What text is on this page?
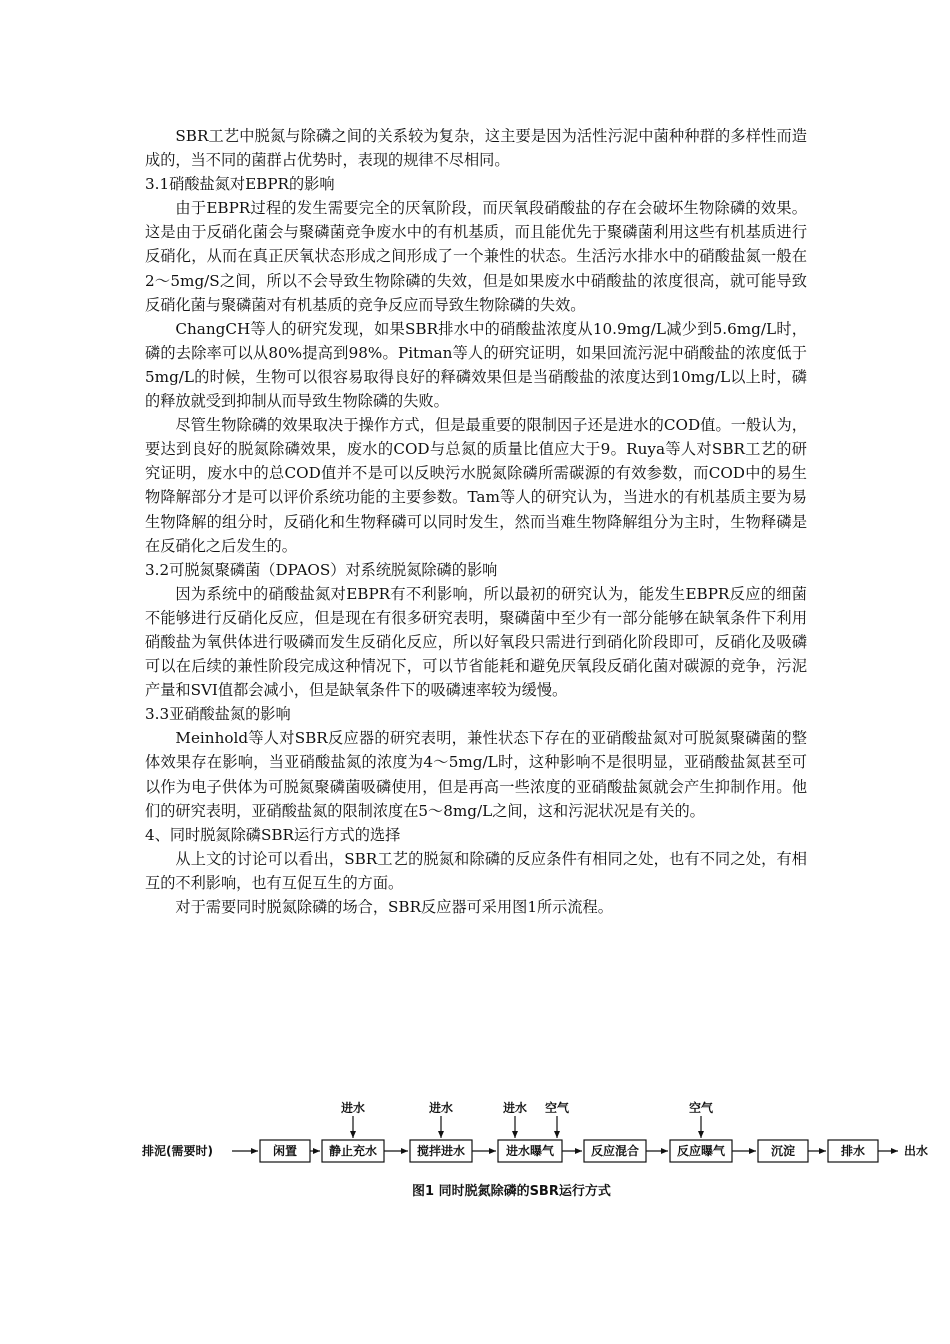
SBR工艺中脱氮与除磷之间的关系较为复杂，这主要是因为活性污泥中菌种种群的多样性而造成的，当不同的菌群占优势时，表现的规律不尽相同。

3.1硝酸盐氮对EBPR的影响

由于EBPR过程的发生需要完全的厌氧阶段，而厌氧段硝酸盐的存在会破坏生物除磷的效果。这是由于反硝化菌会与聚磷菌竞争废水中的有机基质，而且能优先于聚磷菌利用这些有机基质进行反硝化，从而在真正厌氧状态形成之间形成了一个兼性的状态。生活污水排水中的硝酸盐氮一般在2～5mg/S之间，所以不会导致生物除磷的失效，但是如果废水中硝酸盐的浓度很高，就可能导致反硝化菌与聚磷菌对有机基质的竞争反应而导致生物除磷的失效。

ChangCH等人的研究发现，如果SBR排水中的硝酸盐浓度从10.9mg/L减少到5.6mg/L时，磷的去除率可以从80%提高到98%。Pitman等人的研究证明，如果回流污泥中硝酸盐的浓度低于5mg/L的时候，生物可以很容易取得良好的释磷效果但是当硝酸盐的浓度达到10mg/L以上时，磷的释放就受到抑制从而导致生物除磷的失败。

尽管生物除磷的效果取决于操作方式，但是最重要的限制因子还是进水的COD值。一般认为，要达到良好的脱氮除磷效果，废水的COD与总氮的质量比值应大于9。Ruya等人对SBR工艺的研究证明，废水中的总COD值并不是可以反映污水脱氮除磷所需碳源的有效参数，而COD中的易生物降解部分才是可以评价系统功能的主要参数。Tam等人的研究认为，当进水的有机基质主要为易生物降解的组分时，反硝化和生物释磷可以同时发生，然而当难生物降解组分为主时，生物释磷是在反硝化之后发生的。

3.2可脱氮聚磷菌（DPAOS）对系统脱氮除磷的影响

因为系统中的硝酸盐氮对EBPR有不利影响，所以最初的研究认为，能发生EBPR反应的细菌不能够进行反硝化反应，但是现在有很多研究表明，聚磷菌中至少有一部分能够在缺氧条件下利用硝酸盐为氧供体进行吸磷而发生反硝化反应，所以好氧段只需进行到硝化阶段即可，反硝化及吸磷可以在后续的兼性阶段完成这种情况下，可以节省能耗和避免厌氧段反硝化菌对碳源的竞争，污泥产量和SVI值都会减小，但是缺氧条件下的吸磷速率较为缓慢。

3.3亚硝酸盐氮的影响

Meinhold等人对SBR反应器的研究表明，兼性状态下存在的亚硝酸盐氮对可脱氮聚磷菌的整体效果存在影响，当亚硝酸盐氮的浓度为4～5mg/L时，这种影响不是很明显，亚硝酸盐氮甚至可以作为电子供体为可脱氮聚磷菌吸磷使用，但是再高一些浓度的亚硝酸盐氮就会产生抑制作用。他们的研究表明，亚硝酸盐氮的限制浓度在5～8mg/L之间，这和污泥状况是有关的。

4、同时脱氮除磷SBR运行方式的选择

从上文的讨论可以看出，SBR工艺的脱氮和除磷的反应条件有相同之处，也有不同之处，有相互的不利影响，也有互促互生的方面。

对于需要同时脱氮除磷的场合，SBR反应器可采用图1所示流程。

排泥(需要时)	闲置	静止充水	搅拌进水	进水曝气	反应混合	反应曝气	沉淀	排水	出水
进水	进水	进水 空气	空气
图1 同时脱氮除磷的SBR运行方式
